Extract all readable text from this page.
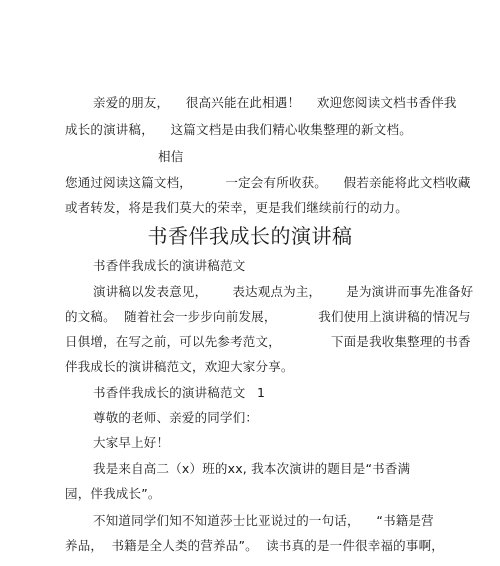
亲爱的朋友，    很高兴能在此相遇！    欢迎您阅读文档书香伴我
成长的演讲稿，    这篇文档是由我们精心收集整理的新文档。
相信
您通过阅读这篇文档，        一定会有所收获。    假若亲能将此文档收藏
或者转发，将是我们莫大的荣幸，更是我们继续前行的动力。
书香伴我成长的演讲稿
书香伴我成长的演讲稿范文
演讲稿以发表意见，      表达观点为主，      是为演讲而事先准备好
的文稿。  随着社会一步步向前发展，          我们使用上演讲稿的情况与
日俱增，在写之前，可以先参考范文，            下面是我收集整理的书香
伴我成长的演讲稿范文，欢迎大家分享。
书香伴我成长的演讲稿范文 1
尊敬的老师、亲爱的同学们：
大家早上好！
我是来自高二（x）班的xx, 我本次演讲的题目是“书香满
园，伴我成长”。
不知道同学们知不知道莎士比亚说过的一句话，    “书籍是营
养品，  书籍是全人类的营养品”。  读书真的是一件很幸福的事啊，
